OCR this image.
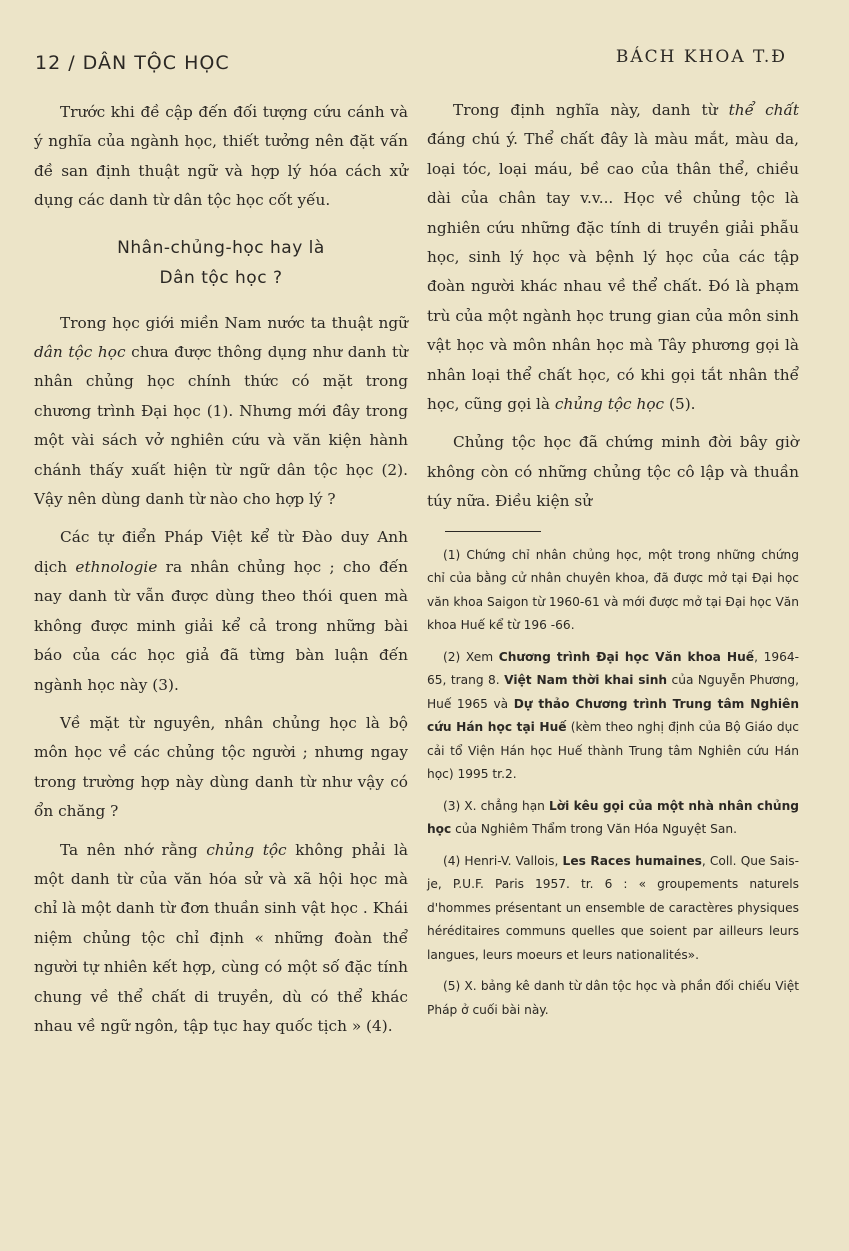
12 / DÂN TỘC HỌC	BÁCH KHOA T.Đ

Trước khi đề cập đến đối tượng cứu cánh và ý nghĩa của ngành học, thiết tưởng nên đặt vấn đề san định thuật ngữ và hợp lý hóa cách xử dụng các danh từ dân tộc học cốt yếu.

Nhân-chủng-học hay là
Dân tộc học ?

Trong học giới miền Nam nước ta thuật ngữ dân tộc học chưa được thông dụng như danh từ nhân chủng học chính thức có mặt trong chương trình Đại học (1). Nhưng mới đây trong một vài sách vở nghiên cứu và văn kiện hành chánh thấy xuất hiện từ ngữ dân tộc học (2). Vậy nên dùng danh từ nào cho hợp lý ?

Các tự điển Pháp Việt kể từ Đào duy Anh dịch ethnologie ra nhân chủng học ; cho đến nay danh từ vẫn được dùng theo thói quen mà không được minh giải kể cả trong những bài báo của các học giả đã từng bàn luận đến ngành học này (3).

Về mặt từ nguyên, nhân chủng học là bộ môn học về các chủng tộc người ; nhưng ngay trong trường hợp này dùng danh từ như vậy có ổn chăng ?

Ta nên nhớ rằng chủng tộc không phải là một danh từ của văn hóa sử và xã hội học mà chỉ là một danh từ đơn thuần sinh vật học . Khái niệm chủng tộc chỉ định « những đoàn thể người tự nhiên kết hợp, cùng có một số đặc tính chung về thể chất di truyền, dù có thể khác nhau về ngữ ngôn, tập tục hay quốc tịch » (4).

Trong định nghĩa này, danh từ thể chất đáng chú ý. Thể chất đây là màu mắt, màu da, loại tóc, loại máu, bề cao của thân thể, chiều dài của chân tay v.v... Học về chủng tộc là nghiên cứu những đặc tính di truyền giải phẫu học, sinh lý học và bệnh lý học của các tập đoàn người khác nhau về thể chất. Đó là phạm trù của một ngành học trung gian của môn sinh vật học và môn nhân học mà Tây phương gọi là nhân loại thể chất học, có khi gọi tắt nhân thể học, cũng gọi là chủng tộc học (5).

Chủng tộc học đã chứng minh đời bây giờ không còn có những chủng tộc cô lập và thuần túy nữa. Điều kiện sử

(1) Chứng chỉ nhân chủng học, một trong những chứng chỉ của bằng cử nhân chuyên khoa, đã được mở tại Đại học văn khoa Saigon từ 1960-61 và mới được mở tại Đại học Văn khoa Huế kể từ 196 -66.
(2) Xem Chương trình Đại học Văn khoa Huế, 1964-65, trang 8. Việt Nam thời khai sinh của Nguyễn Phương, Huế 1965 và Dự thảo Chương trình Trung tâm Nghiên cứu Hán học tại Huế (kèm theo nghị định của Bộ Giáo dục cải tổ Viện Hán học Huế thành Trung tâm Nghiên cứu Hán học) 1995 tr.2.
(3) X. chẳng hạn Lời kêu gọi của một nhà nhân chủng học của Nghiêm Thẩm trong Văn Hóa Nguyệt San.
(4) Henri-V. Vallois, Les Races humaines, Coll. Que Sais-je, P.U.F. Paris 1957. tr. 6 : « groupements naturels d'hommes présentant un ensemble de caractères physiques héréditaires communs quelles que soient par ailleurs leurs langues, leurs moeurs et leurs nationalités».
(5) X. bảng kê danh từ dân tộc học và phần đối chiếu Việt Pháp ở cuối bài này.
